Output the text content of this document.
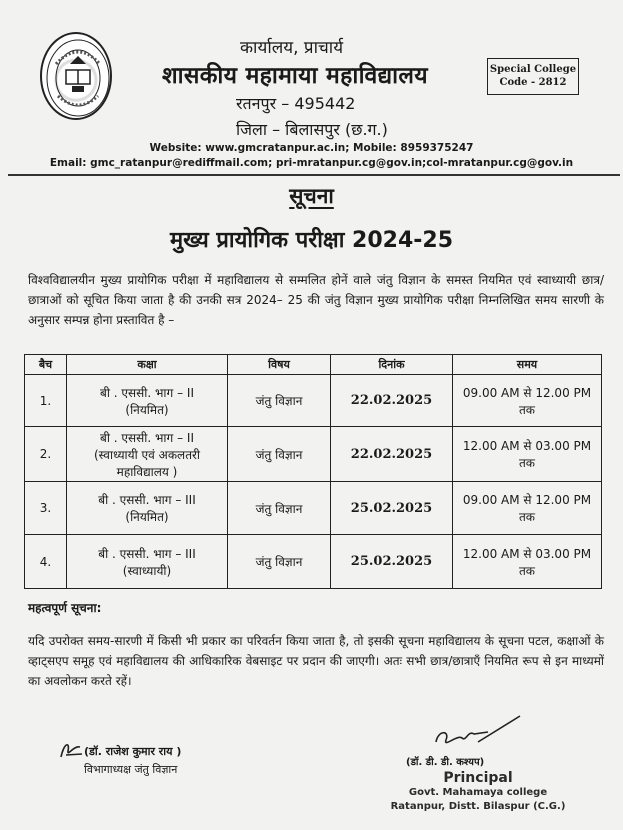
कार्यालय, प्राचार्य
शासकीय महामाया महाविद्यालय
रतनपुर – 495442
जिला – बिलासपुर (छ.ग.)
Special College
Code - 2812
Website: www.gmcratanpur.ac.in; Mobile: 8959375247
Email: gmc_ratanpur@rediffmail.com; pri-mratanpur.cg@gov.in;col-mratanpur.cg@gov.in
सूचना
मुख्य प्रायोगिक परीक्षा 2024-25
विश्वविद्यालयीन मुख्य प्रायोगिक परीक्षा में महाविद्यालय से सम्मलित होनें वाले जंतु विज्ञान के समस्त नियमित एवं स्वाध्यायी छात्र/ छात्राओं को सूचित किया जाता है की उनकी सत्र 2024– 25 की जंतु विज्ञान मुख्य प्रायोगिक परीक्षा निम्नलिखित समय सारणी के अनुसार सम्पन्न होना प्रस्तावित है –
बैच	कक्षा	विषय	दिनांक	समय
1.	बी . एससी. भाग – II
(नियमित)	जंतु विज्ञान	22.02.2025	09.00 AM से 12.00 PM तक
2.	बी . एससी. भाग – II
(स्वाध्यायी एवं अकलतरी
महाविद्यालय )	जंतु विज्ञान	22.02.2025	12.00 AM से 03.00 PM तक
3.	बी . एससी. भाग – III
(नियमित)	जंतु विज्ञान	25.02.2025	09.00 AM से 12.00 PM तक
4.	बी . एससी. भाग – III
(स्वाध्यायी)	जंतु विज्ञान	25.02.2025	12.00 AM से 03.00 PM तक
महत्वपूर्ण सूचना:
यदि उपरोक्त समय-सारणी में किसी भी प्रकार का परिवर्तन किया जाता है, तो इसकी सूचना महाविद्यालय के सूचना पटल, कक्षाओं के व्हाट्सएप समूह एवं महाविद्यालय की आधिकारिक वेबसाइट पर प्रदान की जाएगी। अतः सभी छात्र/छात्राएँ नियमित रूप से इन माध्यमों का अवलोकन करते रहें।
(डॉ. राजेश कुमार राय )
विभागाध्यक्ष जंतु विज्ञान
(डॉ. डी. डी. कश्यप)
Principal
Govt. Mahamaya college
Ratanpur, Distt. Bilaspur (C.G.)
